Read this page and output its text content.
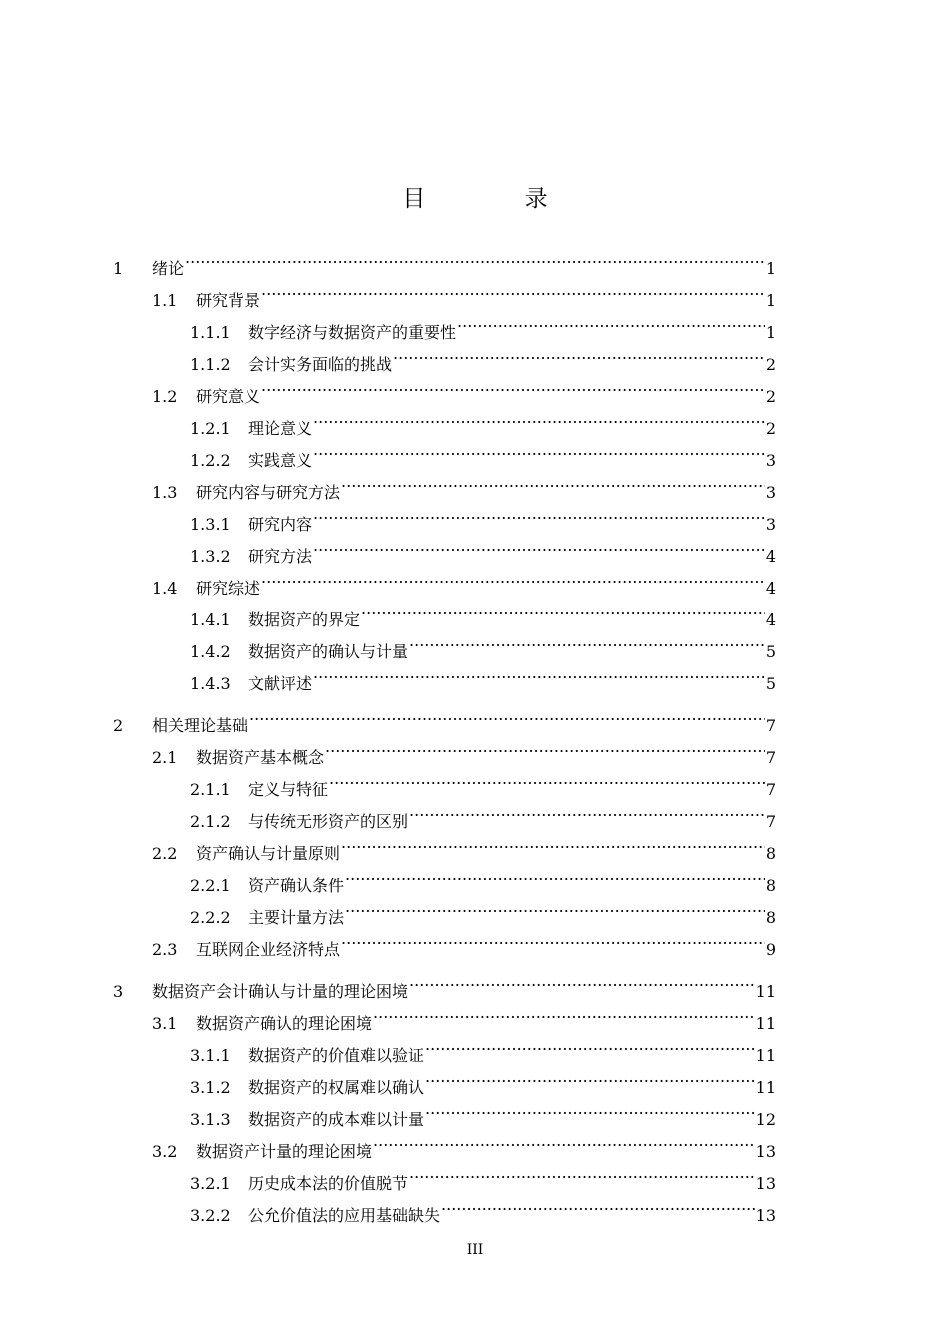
目 录
1	绪论 .....	1
1.1	研究背景 .....	1
1.1.1	数字经济与数据资产的重要性 .....	1
1.1.2	会计实务面临的挑战 .....	2
1.2	研究意义 .....	2
1.2.1	理论意义 .....	2
1.2.2	实践意义 .....	3
1.3	研究内容与研究方法 .....	3
1.3.1	研究内容 .....	3
1.3.2	研究方法 .....	4
1.4	研究综述 .....	4
1.4.1	数据资产的界定 .....	4
1.4.2	数据资产的确认与计量 .....	5
1.4.3	文献评述 .....	5
2	相关理论基础 .....	7
2.1	数据资产基本概念 .....	7
2.1.1	定义与特征 .....	7
2.1.2	与传统无形资产的区别 .....	7
2.2	资产确认与计量原则 .....	8
2.2.1	资产确认条件 .....	8
2.2.2	主要计量方法 .....	8
2.3	互联网企业经济特点 .....	9
3	数据资产会计确认与计量的理论困境 .....	11
3.1	数据资产确认的理论困境 .....	11
3.1.1	数据资产的价值难以验证 .....	11
3.1.2	数据资产的权属难以确认 .....	11
3.1.3	数据资产的成本难以计量 .....	12
3.2	数据资产计量的理论困境 .....	13
3.2.1	历史成本法的价值脱节 .....	13
3.2.2	公允价值法的应用基础缺失 .....	13
III
